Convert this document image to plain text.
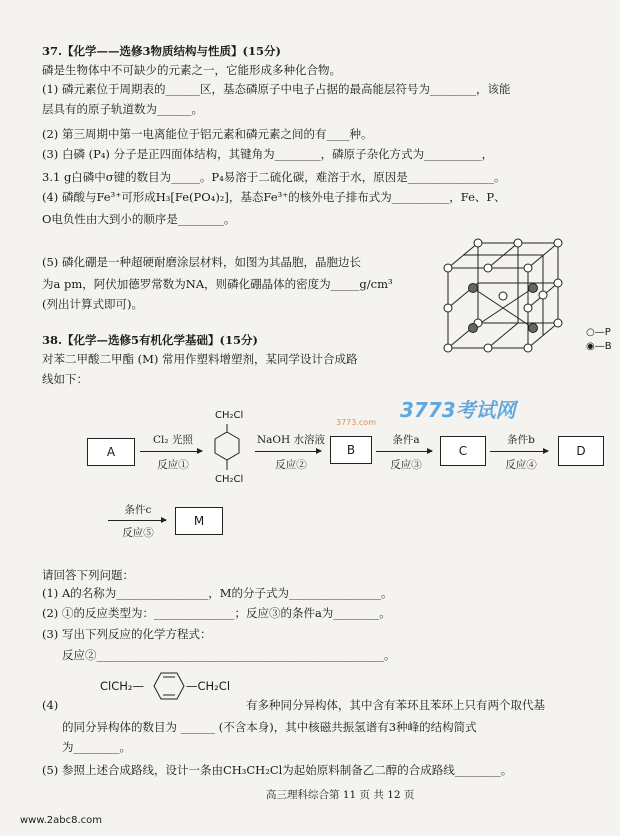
37.【化学——选修3物质结构与性质】(15分)
磷是生物体中不可缺少的元素之一，它能形成多种化合物。
(1) 磷元素位于周期表的______区，基态磷原子中电子占据的最高能层符号为________，该能
层具有的原子轨道数为______。
(2) 第三周期中第一电离能位于铝元素和磷元素之间的有____种。
(3) 白磷 (P₄) 分子是正四面体结构，其键角为________，磷原子杂化方式为__________，
3.1 g白磷中σ键的数目为_____。P₄易溶于二硫化碳，难溶于水，原因是_______________。
(4) 磷酸与Fe³⁺可形成H₃[Fe(PO₄)₂]，基态Fe³⁺的核外电子排布式为__________，Fe、P、
O电负性由大到小的顺序是________。
(5) 磷化硼是一种超硬耐磨涂层材料，如图为其晶胞，晶胞边长
为a pm，阿伏加德罗常数为NA，则磷化硼晶体的密度为_____g/cm³
(列出计算式即可)。
○—P
◉—B
38.【化学—选修5有机化学基础】(15分)
对苯二甲酸二甲酯 (M) 常用作塑料增塑剂，某同学设计合成路
线如下：
3773考试网
3773.com
A
Cl₂ 光照
反应①
CH₂Cl
CH₂Cl
NaOH 水溶液
反应②
B
条件a
反应③
C
条件b
反应④
D
条件c
反应⑤
M
请回答下列问题：
(1) A的名称为________________，M的分子式为________________。
(2) ①的反应类型为：______________；反应③的条件a为________。
(3) 写出下列反应的化学方程式：
反应②__________________________________________________。
(4)
ClCH₂—	—CH₂Cl
有多种同分异构体，其中含有苯环且苯环上只有两个取代基
的同分异构体的数目为 ______ (不含本身)，其中核磁共振氢谱有3种峰的结构简式
为________。
(5) 参照上述合成路线，设计一条由CH₃CH₂Cl为起始原料制备乙二醇的合成路线________。
高三理科综合第 11 页 共 12 页
www.2abc8.com
